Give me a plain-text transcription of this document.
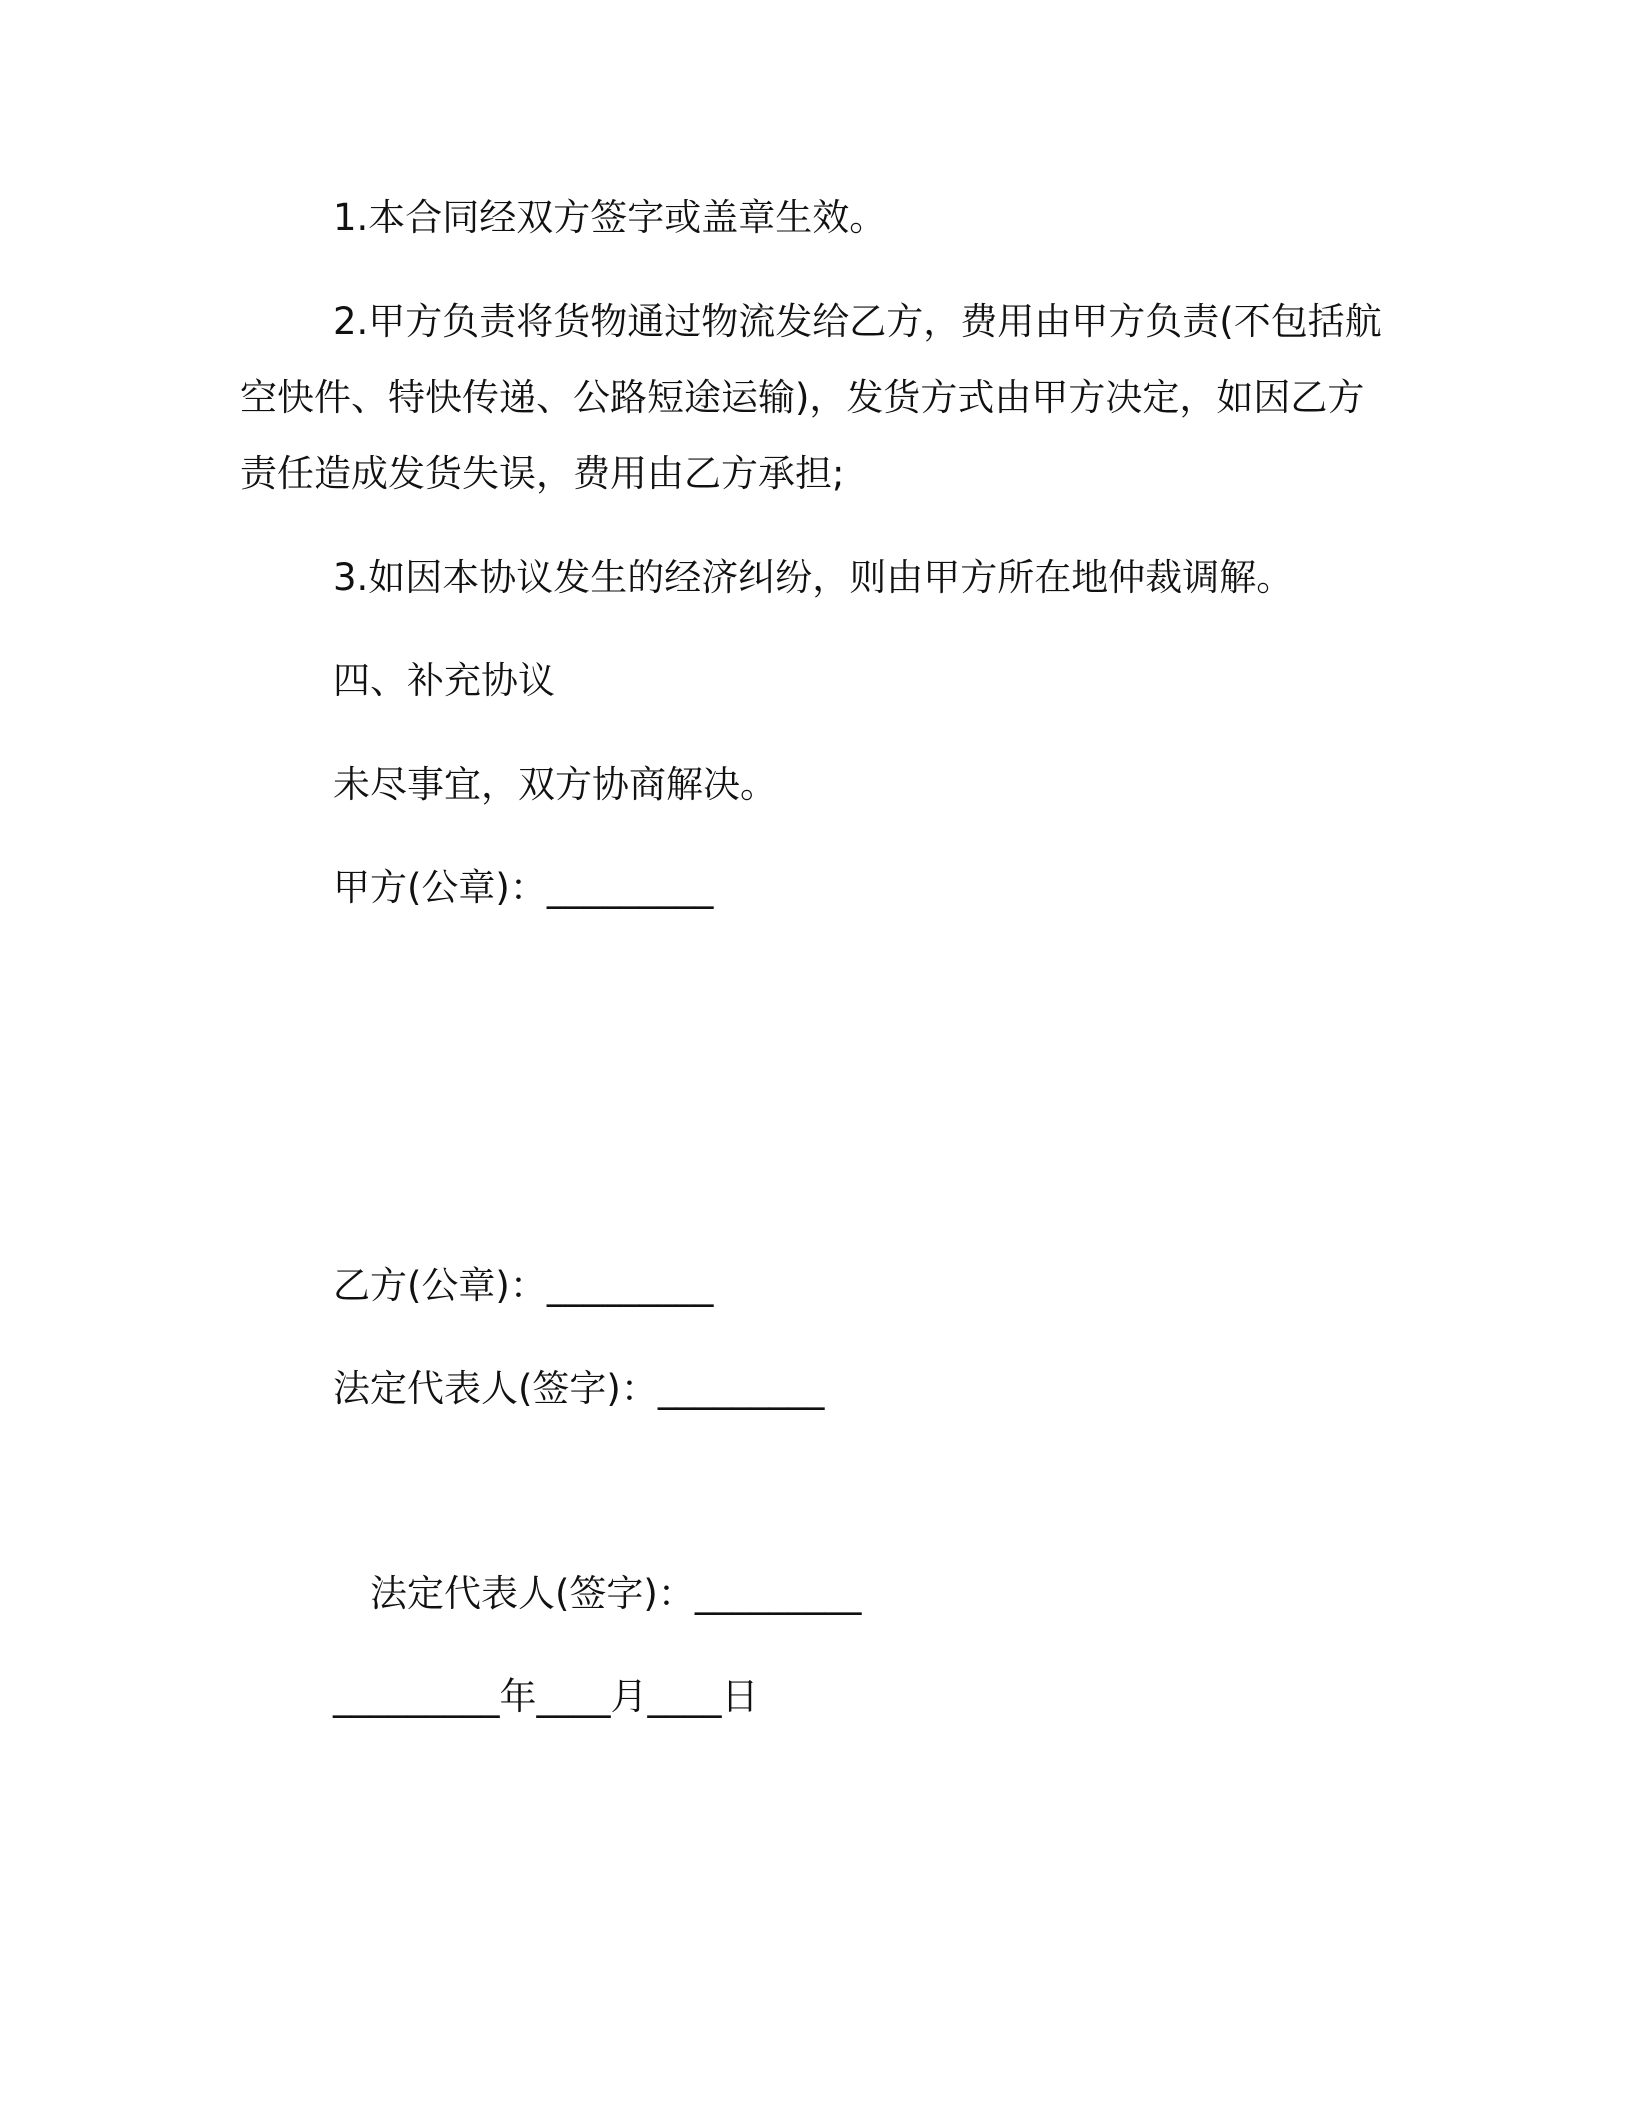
1.本合同经双方签字或盖章生效。

2.甲方负责将货物通过物流发给乙方，费用由甲方负责(不包括航

空快件、特快传递、公路短途运输)，发货方式由甲方决定，如因乙方

责任造成发货失误，费用由乙方承担;

3.如因本协议发生的经济纠纷，则由甲方所在地仲裁调解。

四、补充协议

未尽事宜，双方协商解决。

甲方(公章)：_________

乙方(公章)：_________

法定代表人(签字)：_________

法定代表人(签字)：_________

_________年____月____日
